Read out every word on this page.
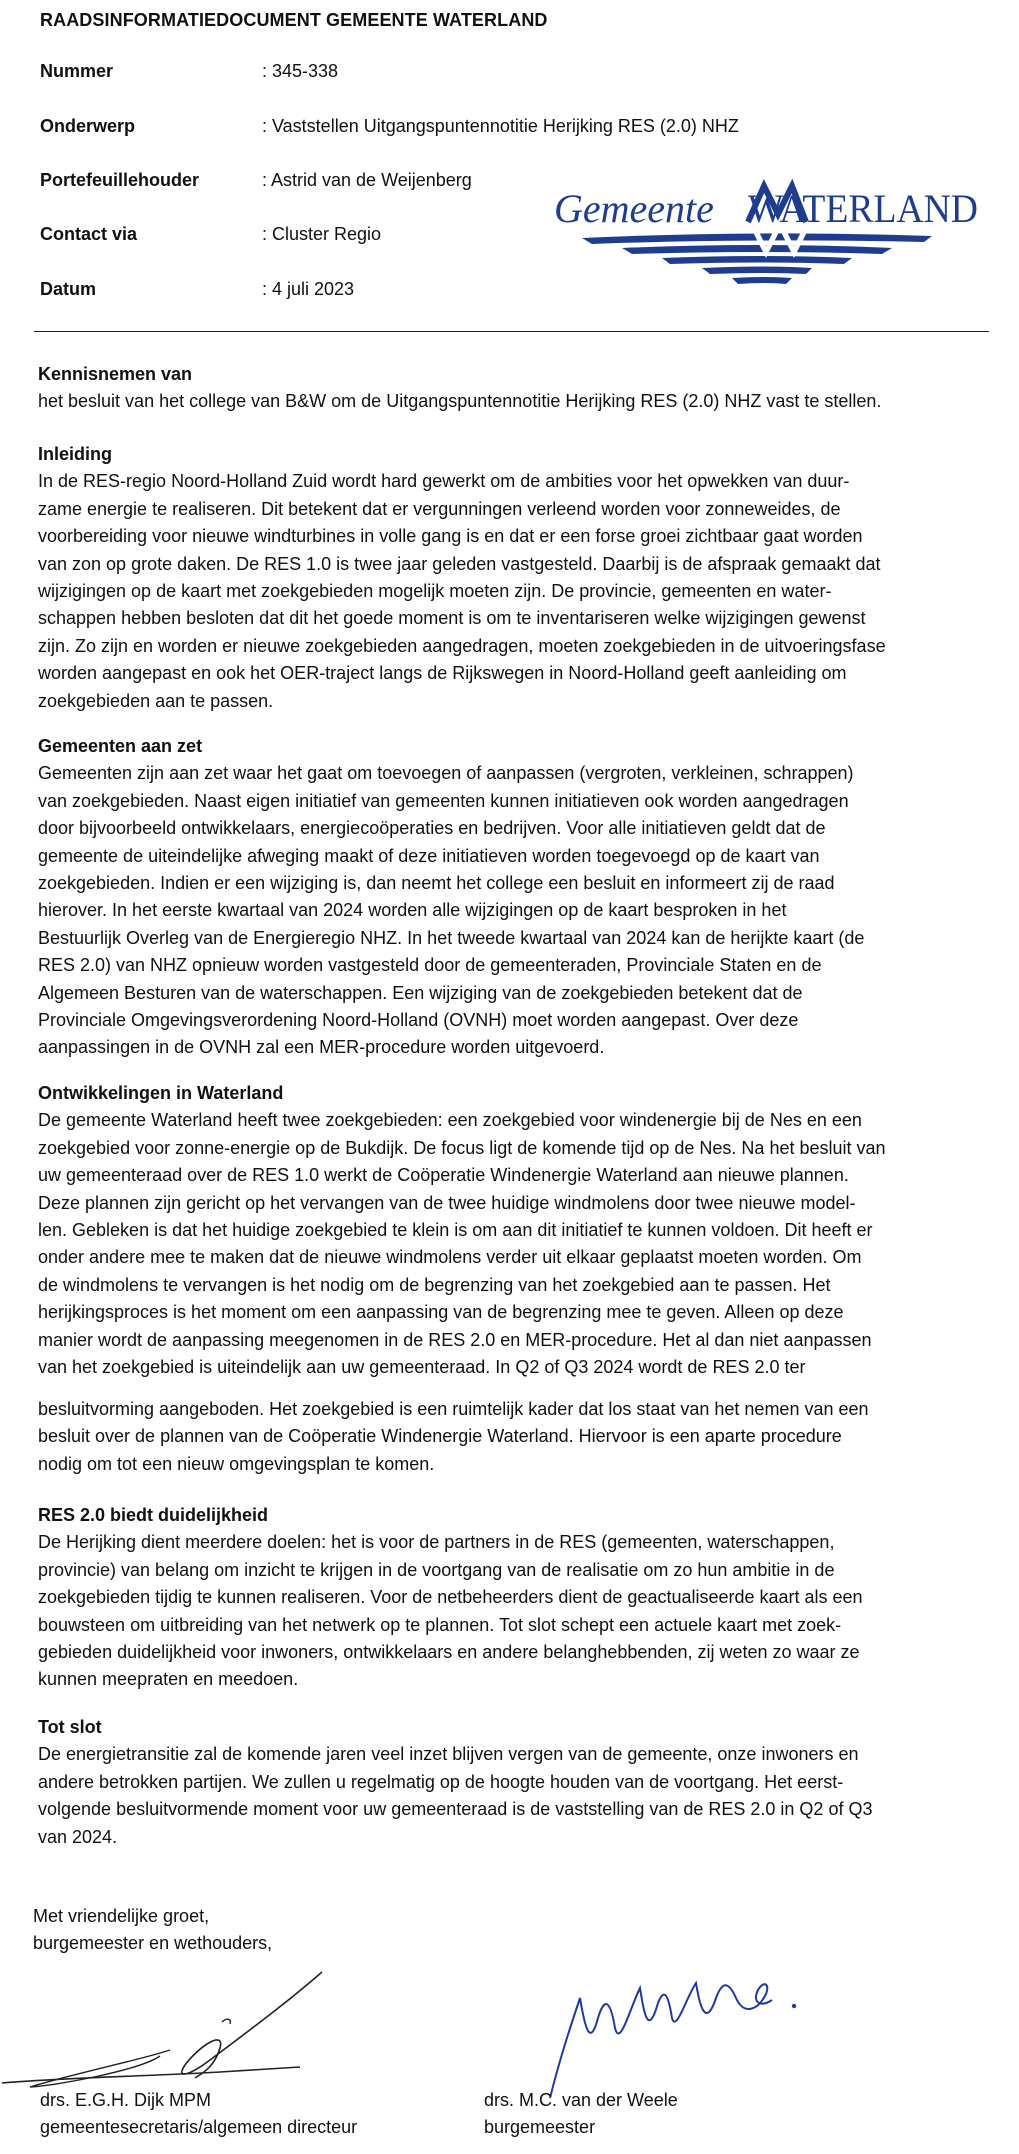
RAADSINFORMATIEDOCUMENT GEMEENTE WATERLAND
Nummer	: 345-338
Onderwerp	: Vaststellen Uitgangspuntennotitie Herijking RES (2.0) NHZ
Portefeuillehouder	: Astrid van de Weijenberg
Contact via	: Cluster Regio
Datum	: 4 juli 2023
Gemeente WATERLAND
Kennisnemen van

het besluit van het college van B&W om de Uitgangspuntennotitie Herijking RES (2.0) NHZ vast te stellen.

Inleiding

In de RES-regio Noord-Holland Zuid wordt hard gewerkt om de ambities voor het opwekken van duur-

zame energie te realiseren. Dit betekent dat er vergunningen verleend worden voor zonneweides, de

voorbereiding voor nieuwe windturbines in volle gang is en dat er een forse groei zichtbaar gaat worden

van zon op grote daken. De RES 1.0 is twee jaar geleden vastgesteld. Daarbij is de afspraak gemaakt dat

wijzigingen op de kaart met zoekgebieden mogelijk moeten zijn. De provincie, gemeenten en water-

schappen hebben besloten dat dit het goede moment is om te inventariseren welke wijzigingen gewenst

zijn. Zo zijn en worden er nieuwe zoekgebieden aangedragen, moeten zoekgebieden in de uitvoeringsfase

worden aangepast en ook het OER-traject langs de Rijkswegen in Noord-Holland geeft aanleiding om

zoekgebieden aan te passen.

Gemeenten aan zet

Gemeenten zijn aan zet waar het gaat om toevoegen of aanpassen (vergroten, verkleinen, schrappen)

van zoekgebieden. Naast eigen initiatief van gemeenten kunnen initiatieven ook worden aangedragen

door bijvoorbeeld ontwikkelaars, energiecoöperaties en bedrijven. Voor alle initiatieven geldt dat de

gemeente de uiteindelijke afweging maakt of deze initiatieven worden toegevoegd op de kaart van

zoekgebieden. Indien er een wijziging is, dan neemt het college een besluit en informeert zij de raad

hierover. In het eerste kwartaal van 2024 worden alle wijzigingen op de kaart besproken in het

Bestuurlijk Overleg van de Energieregio NHZ. In het tweede kwartaal van 2024 kan de herijkte kaart (de

RES 2.0) van NHZ opnieuw worden vastgesteld door de gemeenteraden, Provinciale Staten en de

Algemeen Besturen van de waterschappen. Een wijziging van de zoekgebieden betekent dat de

Provinciale Omgevingsverordening Noord-Holland (OVNH) moet worden aangepast. Over deze

aanpassingen in de OVNH zal een MER-procedure worden uitgevoerd.

Ontwikkelingen in Waterland

De gemeente Waterland heeft twee zoekgebieden: een zoekgebied voor windenergie bij de Nes en een

zoekgebied voor zonne-energie op de Bukdijk. De focus ligt de komende tijd op de Nes. Na het besluit van

uw gemeenteraad over de RES 1.0 werkt de Coöperatie Windenergie Waterland aan nieuwe plannen.

Deze plannen zijn gericht op het vervangen van de twee huidige windmolens door twee nieuwe model-

len. Gebleken is dat het huidige zoekgebied te klein is om aan dit initiatief te kunnen voldoen. Dit heeft er

onder andere mee te maken dat de nieuwe windmolens verder uit elkaar geplaatst moeten worden. Om

de windmolens te vervangen is het nodig om de begrenzing van het zoekgebied aan te passen. Het

herijkingsproces is het moment om een aanpassing van de begrenzing mee te geven. Alleen op deze

manier wordt de aanpassing meegenomen in de RES 2.0 en MER-procedure. Het al dan niet aanpassen

van het zoekgebied is uiteindelijk aan uw gemeenteraad. In Q2 of Q3 2024 wordt de RES 2.0 ter

besluitvorming aangeboden. Het zoekgebied is een ruimtelijk kader dat los staat van het nemen van een

besluit over de plannen van de Coöperatie Windenergie Waterland. Hiervoor is een aparte procedure

nodig om tot een nieuw omgevingsplan te komen.

RES 2.0 biedt duidelijkheid

De Herijking dient meerdere doelen: het is voor de partners in de RES (gemeenten, waterschappen,

provincie) van belang om inzicht te krijgen in de voortgang van de realisatie om zo hun ambitie in de

zoekgebieden tijdig te kunnen realiseren. Voor de netbeheerders dient de geactualiseerde kaart als een

bouwsteen om uitbreiding van het netwerk op te plannen. Tot slot schept een actuele kaart met zoek-

gebieden duidelijkheid voor inwoners, ontwikkelaars en andere belanghebbenden, zij weten zo waar ze

kunnen meepraten en meedoen.

Tot slot

De energietransitie zal de komende jaren veel inzet blijven vergen van de gemeente, onze inwoners en

andere betrokken partijen. We zullen u regelmatig op de hoogte houden van de voortgang. Het eerst-

volgende besluitvormende moment voor uw gemeenteraad is de vaststelling van de RES 2.0 in Q2 of Q3

van 2024.

Met vriendelijke groet,
burgemeester en wethouders,
drs. E.G.H. Dijk MPM
gemeentesecretaris/algemeen directeur
drs. M.C. van der Weele
burgemeester
